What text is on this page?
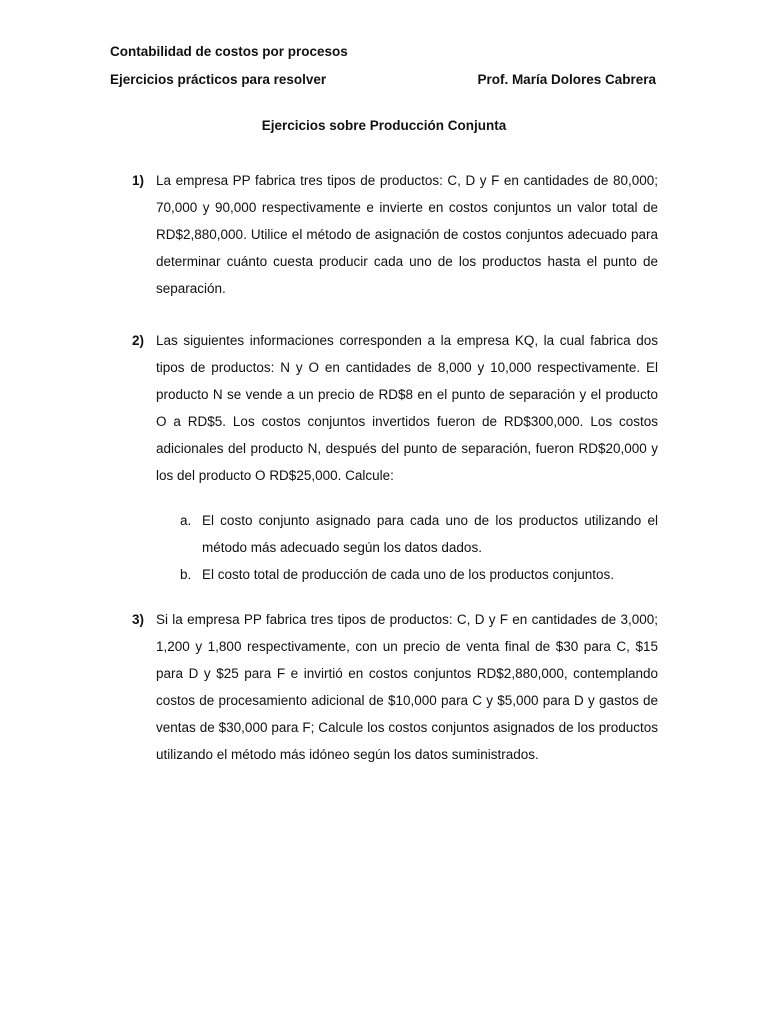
Contabilidad de costos por procesos
Ejercicios prácticos para resolver	Prof. María Dolores Cabrera
Ejercicios sobre Producción Conjunta
1) La empresa PP fabrica tres tipos de productos: C, D y F en cantidades de 80,000; 70,000 y 90,000 respectivamente e invierte en costos conjuntos un valor total de RD$2,880,000. Utilice el método de asignación de costos conjuntos adecuado para determinar cuánto cuesta producir cada uno de los productos hasta el punto de separación.
2) Las siguientes informaciones corresponden a la empresa KQ, la cual fabrica dos tipos de productos: N y O en cantidades de 8,000 y 10,000 respectivamente. El producto N se vende a un precio de RD$8 en el punto de separación y el producto O a RD$5. Los costos conjuntos invertidos fueron de RD$300,000. Los costos adicionales del producto N, después del punto de separación, fueron RD$20,000 y los del producto O RD$25,000. Calcule:
a. El costo conjunto asignado para cada uno de los productos utilizando el método más adecuado según los datos dados.
b. El costo total de producción de cada uno de los productos conjuntos.
3) Si la empresa PP fabrica tres tipos de productos: C, D y F en cantidades de 3,000; 1,200 y 1,800 respectivamente, con un precio de venta final de $30 para C, $15 para D y $25 para F e invirtió en costos conjuntos RD$2,880,000, contemplando costos de procesamiento adicional de $10,000 para C y $5,000 para D y gastos de ventas de $30,000 para F; Calcule los costos conjuntos asignados de los productos utilizando el método más idóneo según los datos suministrados.
